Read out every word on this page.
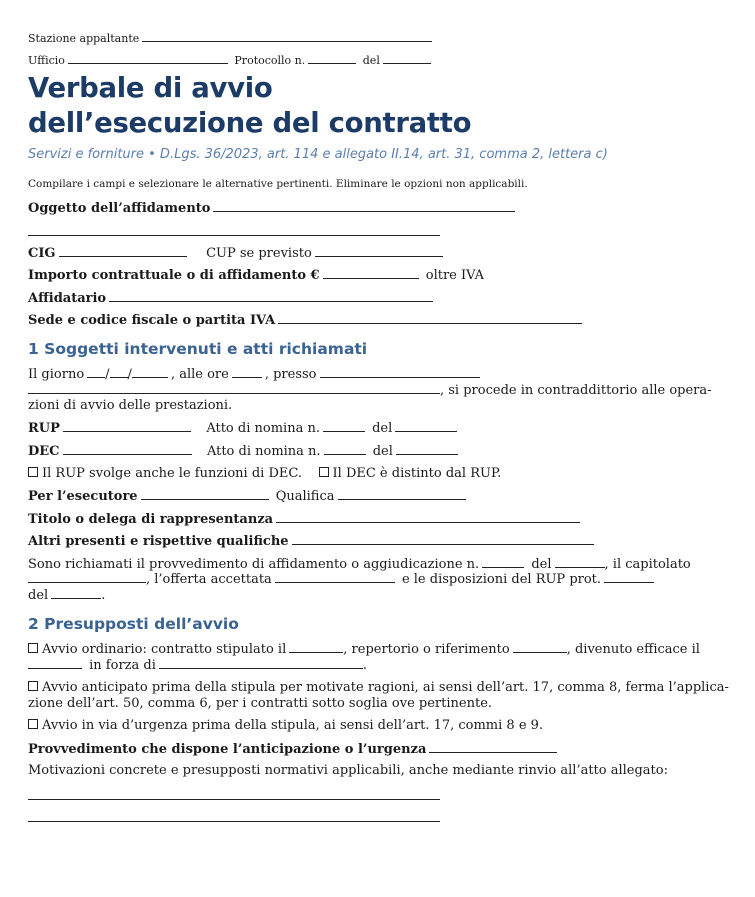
Stazione appaltante
Ufficio	Protocollo n.	del
Verbale di avvio
dell’esecuzione del contratto
Servizi e forniture • D.Lgs. 36/2023, art. 114 e allegato II.14, art. 31, comma 2, lettera c)
Compilare i campi e selezionare le alternative pertinenti. Eliminare le opzioni non applicabili.
Oggetto dell’affidamento
CIG	CUP se previsto
Importo contrattuale o di affidamento €	oltre IVA
Affidatario
Sede e codice fiscale o partita IVA
1 Soggetti intervenuti e atti richiamati
Il giorno / /	, alle ore	, presso
, si procede in contraddittorio alle opera-
zioni di avvio delle prestazioni.
RUP	Atto di nomina n.	del
DEC	Atto di nomina n.	del
Il RUP svolge anche le funzioni di DEC. Il DEC è distinto dal RUP.
Per l’esecutore	Qualifica
Titolo o delega di rappresentanza
Altri presenti e rispettive qualifiche
Sono richiamati il provvedimento di affidamento o aggiudicazione n.	del	, il capitolato
, l’offerta accettata	e le disposizioni del RUP prot.
del	.
2 Presupposti dell’avvio
Avvio ordinario: contratto stipulato il	, repertorio o riferimento	, divenuto efficace il
in forza di	.
Avvio anticipato prima della stipula per motivate ragioni, ai sensi dell’art. 17, comma 8, ferma l’applica-
zione dell’art. 50, comma 6, per i contratti sotto soglia ove pertinente.
Avvio in via d’urgenza prima della stipula, ai sensi dell’art. 17, commi 8 e 9.
Provvedimento che dispone l’anticipazione o l’urgenza
Motivazioni concrete e presupposti normativi applicabili, anche mediante rinvio all’atto allegato:
